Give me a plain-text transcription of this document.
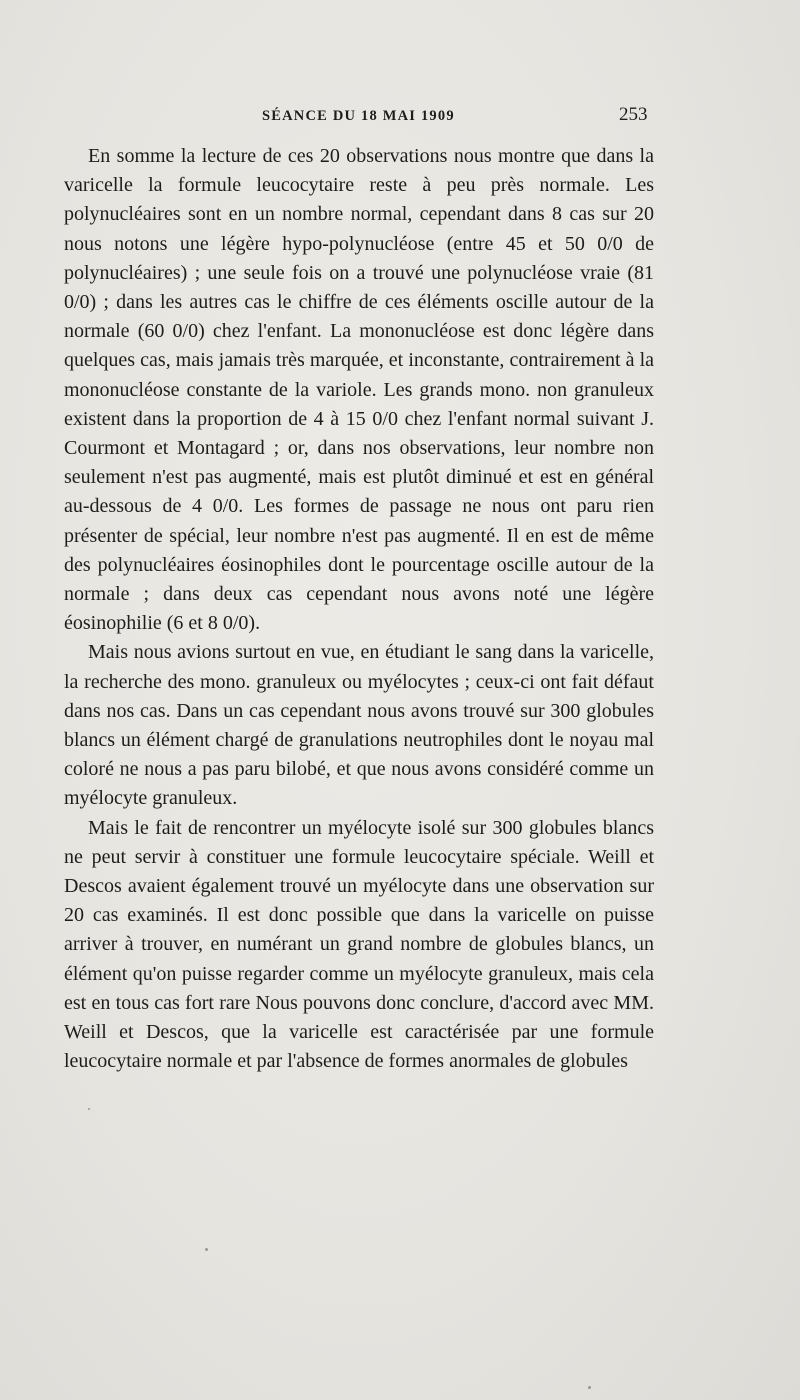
SÉANCE DU 18 MAI 1909	253

En somme la lecture de ces 20 observations nous montre que dans la varicelle la formule leucocytaire reste à peu près normale. Les polynucléaires sont en un nombre normal, cependant dans 8 cas sur 20 nous notons une légère hypo-polynucléose (entre 45 et 50 0/0 de polynucléaires) ; une seule fois on a trouvé une polynucléose vraie (81 0/0) ; dans les autres cas le chiffre de ces éléments oscille autour de la normale (60 0/0) chez l'enfant. La mononucléose est donc légère dans quelques cas, mais jamais très marquée, et inconstante, contrairement à la mononucléose constante de la variole. Les grands mono. non granuleux existent dans la proportion de 4 à 15 0/0 chez l'enfant normal suivant J. Courmont et Montagard ; or, dans nos observations, leur nombre non seulement n'est pas augmenté, mais est plutôt diminué et est en général au-dessous de 4 0/0. Les formes de passage ne nous ont paru rien présenter de spécial, leur nombre n'est pas augmenté. Il en est de même des polynucléaires éosinophiles dont le pourcentage oscille autour de la normale ; dans deux cas cependant nous avons noté une légère éosinophilie (6 et 8 0/0).

Mais nous avions surtout en vue, en étudiant le sang dans la varicelle, la recherche des mono. granuleux ou myélocytes ; ceux-ci ont fait défaut dans nos cas. Dans un cas cependant nous avons trouvé sur 300 globules blancs un élément chargé de granulations neutrophiles dont le noyau mal coloré ne nous a pas paru bilobé, et que nous avons considéré comme un myélocyte granuleux.

Mais le fait de rencontrer un myélocyte isolé sur 300 globules blancs ne peut servir à constituer une formule leucocytaire spéciale. Weill et Descos avaient également trouvé un myélocyte dans une observation sur 20 cas examinés. Il est donc possible que dans la varicelle on puisse arriver à trouver, en numérant un grand nombre de globules blancs, un élément qu'on puisse regarder comme un myélocyte granuleux, mais cela est en tous cas fort rare Nous pouvons donc conclure, d'accord avec MM. Weill et Descos, que la varicelle est caractérisée par une formule leucocytaire normale et par l'absence de formes anormales de globules
